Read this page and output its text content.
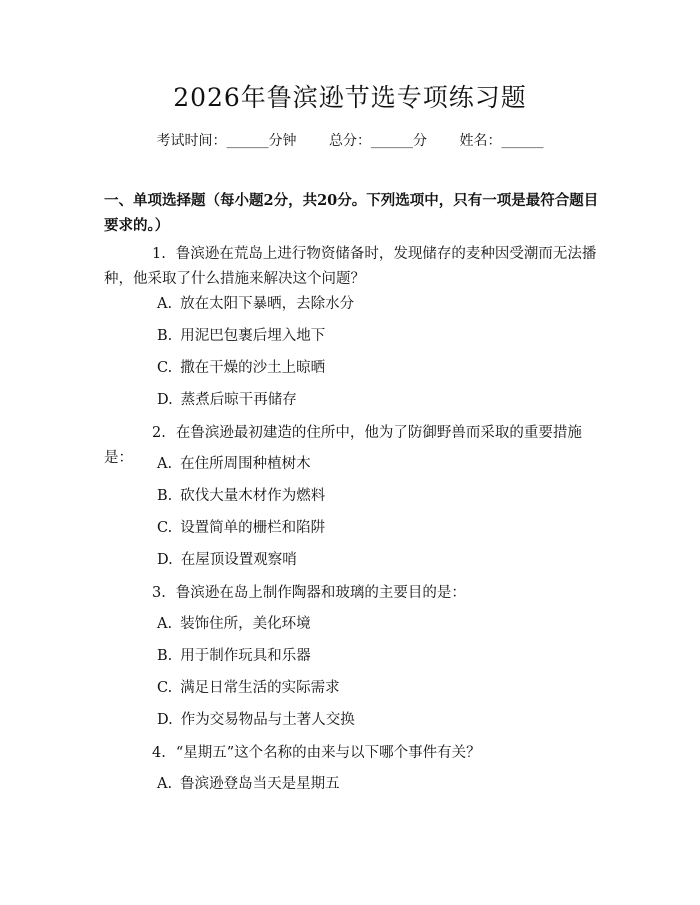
2026年鲁滨逊节选专项练习题
考试时间：______分钟 总分：______分 姓名：______
一、单项选择题（每小题2分，共20分。下列选项中，只有一项是最符合题目要求的。）
1. 鲁滨逊在荒岛上进行物资储备时，发现储存的麦种因受潮而无法播种，他采取了什么措施来解决这个问题？
A. 放在太阳下暴晒，去除水分
B. 用泥巴包裹后埋入地下
C. 撒在干燥的沙土上晾晒
D. 蒸煮后晾干再储存
2. 在鲁滨逊最初建造的住所中，他为了防御野兽而采取的重要措施是：	A. 在住所周围种植树木
B. 砍伐大量木材作为燃料
C. 设置简单的栅栏和陷阱
D. 在屋顶设置观察哨
3. 鲁滨逊在岛上制作陶器和玻璃的主要目的是：
A. 装饰住所，美化环境
B. 用于制作玩具和乐器
C. 满足日常生活的实际需求
D. 作为交易物品与土著人交换
4. “星期五”这个名称的由来与以下哪个事件有关？
A. 鲁滨逊登岛当天是星期五
